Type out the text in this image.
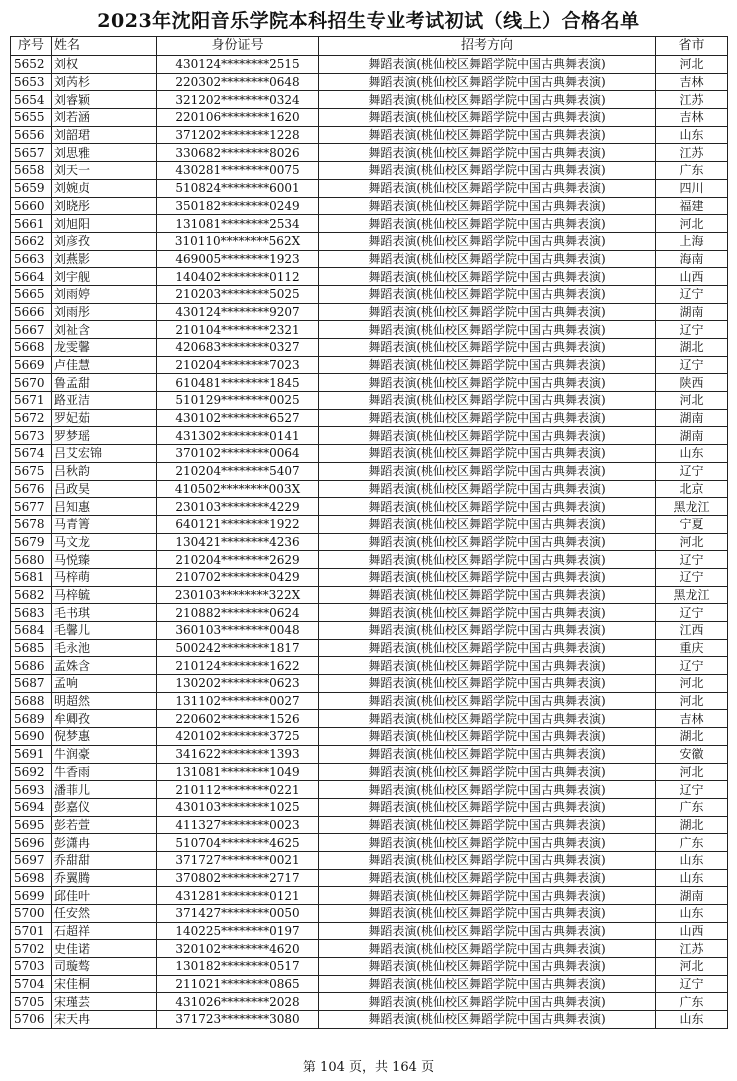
2023年沈阳音乐学院本科招生专业考试初试（线上）合格名单
序号	姓名	身份证号	招考方向	省市
5652	刘权	430124********2515	舞蹈表演(桃仙校区舞蹈学院中国古典舞表演)	河北
5653	刘芮杉	220302********0648	舞蹈表演(桃仙校区舞蹈学院中国古典舞表演)	吉林
5654	刘睿颖	321202********0324	舞蹈表演(桃仙校区舞蹈学院中国古典舞表演)	江苏
5655	刘若涵	220106********1620	舞蹈表演(桃仙校区舞蹈学院中国古典舞表演)	吉林
5656	刘韶珺	371202********1228	舞蹈表演(桃仙校区舞蹈学院中国古典舞表演)	山东
5657	刘思雅	330682********8026	舞蹈表演(桃仙校区舞蹈学院中国古典舞表演)	江苏
5658	刘天一	430281********0075	舞蹈表演(桃仙校区舞蹈学院中国古典舞表演)	广东
5659	刘婉贞	510824********6001	舞蹈表演(桃仙校区舞蹈学院中国古典舞表演)	四川
5660	刘晓彤	350182********0249	舞蹈表演(桃仙校区舞蹈学院中国古典舞表演)	福建
5661	刘旭阳	131081********2534	舞蹈表演(桃仙校区舞蹈学院中国古典舞表演)	河北
5662	刘彦孜	310110********562X	舞蹈表演(桃仙校区舞蹈学院中国古典舞表演)	上海
5663	刘燕影	469005********1923	舞蹈表演(桃仙校区舞蹈学院中国古典舞表演)	海南
5664	刘宇舰	140402********0112	舞蹈表演(桃仙校区舞蹈学院中国古典舞表演)	山西
5665	刘雨婷	210203********5025	舞蹈表演(桃仙校区舞蹈学院中国古典舞表演)	辽宁
5666	刘雨彤	430124********9207	舞蹈表演(桃仙校区舞蹈学院中国古典舞表演)	湖南
5667	刘祉含	210104********2321	舞蹈表演(桃仙校区舞蹈学院中国古典舞表演)	辽宁
5668	龙雯馨	420683********0327	舞蹈表演(桃仙校区舞蹈学院中国古典舞表演)	湖北
5669	卢佳慧	210204********7023	舞蹈表演(桃仙校区舞蹈学院中国古典舞表演)	辽宁
5670	鲁孟甜	610481********1845	舞蹈表演(桃仙校区舞蹈学院中国古典舞表演)	陕西
5671	路亚洁	510129********0025	舞蹈表演(桃仙校区舞蹈学院中国古典舞表演)	河北
5672	罗妃茹	430102********6527	舞蹈表演(桃仙校区舞蹈学院中国古典舞表演)	湖南
5673	罗梦瑶	431302********0141	舞蹈表演(桃仙校区舞蹈学院中国古典舞表演)	湖南
5674	吕艾宏锦	370102********0064	舞蹈表演(桃仙校区舞蹈学院中国古典舞表演)	山东
5675	吕秋韵	210204********5407	舞蹈表演(桃仙校区舞蹈学院中国古典舞表演)	辽宁
5676	吕政昊	410502********003X	舞蹈表演(桃仙校区舞蹈学院中国古典舞表演)	北京
5677	吕知惠	230103********4229	舞蹈表演(桃仙校区舞蹈学院中国古典舞表演)	黑龙江
5678	马青箐	640121********1922	舞蹈表演(桃仙校区舞蹈学院中国古典舞表演)	宁夏
5679	马文龙	130421********4236	舞蹈表演(桃仙校区舞蹈学院中国古典舞表演)	河北
5680	马悦臻	210204********2629	舞蹈表演(桃仙校区舞蹈学院中国古典舞表演)	辽宁
5681	马梓萌	210702********0429	舞蹈表演(桃仙校区舞蹈学院中国古典舞表演)	辽宁
5682	马梓毓	230103********322X	舞蹈表演(桃仙校区舞蹈学院中国古典舞表演)	黑龙江
5683	毛书琪	210882********0624	舞蹈表演(桃仙校区舞蹈学院中国古典舞表演)	辽宁
5684	毛馨儿	360103********0048	舞蹈表演(桃仙校区舞蹈学院中国古典舞表演)	江西
5685	毛永池	500242********1817	舞蹈表演(桃仙校区舞蹈学院中国古典舞表演)	重庆
5686	孟姝含	210124********1622	舞蹈表演(桃仙校区舞蹈学院中国古典舞表演)	辽宁
5687	孟响	130202********0623	舞蹈表演(桃仙校区舞蹈学院中国古典舞表演)	河北
5688	明超然	131102********0027	舞蹈表演(桃仙校区舞蹈学院中国古典舞表演)	河北
5689	牟卿孜	220602********1526	舞蹈表演(桃仙校区舞蹈学院中国古典舞表演)	吉林
5690	倪梦惠	420102********3725	舞蹈表演(桃仙校区舞蹈学院中国古典舞表演)	湖北
5691	牛润豪	341622********1393	舞蹈表演(桃仙校区舞蹈学院中国古典舞表演)	安徽
5692	牛香雨	131081********1049	舞蹈表演(桃仙校区舞蹈学院中国古典舞表演)	河北
5693	潘菲儿	210112********0221	舞蹈表演(桃仙校区舞蹈学院中国古典舞表演)	辽宁
5694	彭嘉仪	430103********1025	舞蹈表演(桃仙校区舞蹈学院中国古典舞表演)	广东
5695	彭若萱	411327********0023	舞蹈表演(桃仙校区舞蹈学院中国古典舞表演)	湖北
5696	彭潇冉	510704********4625	舞蹈表演(桃仙校区舞蹈学院中国古典舞表演)	广东
5697	乔甜甜	371727********0021	舞蹈表演(桃仙校区舞蹈学院中国古典舞表演)	山东
5698	乔翼腾	370802********2717	舞蹈表演(桃仙校区舞蹈学院中国古典舞表演)	山东
5699	邱佳叶	431281********0121	舞蹈表演(桃仙校区舞蹈学院中国古典舞表演)	湖南
5700	任安然	371427********0050	舞蹈表演(桃仙校区舞蹈学院中国古典舞表演)	山东
5701	石超祥	140225********0197	舞蹈表演(桃仙校区舞蹈学院中国古典舞表演)	山西
5702	史佳诺	320102********4620	舞蹈表演(桃仙校区舞蹈学院中国古典舞表演)	江苏
5703	司璇骜	130182********0517	舞蹈表演(桃仙校区舞蹈学院中国古典舞表演)	河北
5704	宋佳桐	211021********0865	舞蹈表演(桃仙校区舞蹈学院中国古典舞表演)	辽宁
5705	宋瑾芸	431026********2028	舞蹈表演(桃仙校区舞蹈学院中国古典舞表演)	广东
5706	宋天冉	371723********3080	舞蹈表演(桃仙校区舞蹈学院中国古典舞表演)	山东
第 104 页，共 164 页
